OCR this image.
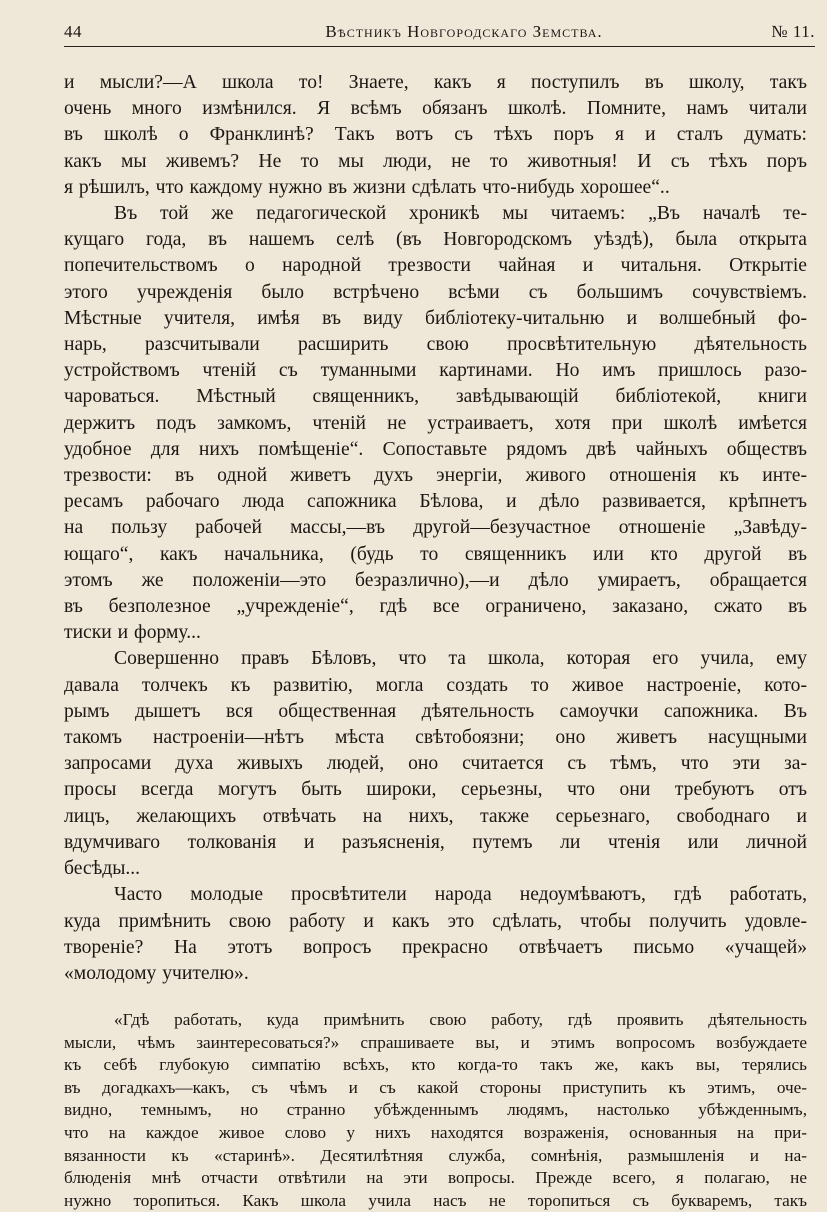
44	Вѣстникъ Новгородскаго Земства.	№ 11.

и мысли?—А школа то! Знаете, какъ я поступилъ въ школу, такъ

очень много измѣнился. Я всѣмъ обязанъ школѣ. Помните, намъ читали

въ школѣ о Франклинѣ? Такъ вотъ съ тѣхъ поръ я и сталъ думать:

какъ мы живемъ? Не то мы люди, не то животныя! И съ тѣхъ поръ

я рѣшилъ, что каждому нужно въ жизни сдѣлать что-нибудь хорошее“..

Въ той же педагогической хроникѣ мы читаемъ: „Въ началѣ те-

кущаго года, въ нашемъ селѣ (въ Новгородскомъ уѣздѣ), была открыта

попечительствомъ о народной трезвости чайная и читальня. Открытіе

этого учрежденія было встрѣчено всѣми съ большимъ сочувствіемъ.

Мѣстные учителя, имѣя въ виду библіотеку-читальню и волшебный фо-

нарь, разсчитывали расширить свою просвѣтительную дѣятельность

устройствомъ чтеній съ туманными картинами. Но имъ пришлось разо-

чароваться. Мѣстный священникъ, завѣдывающій библіотекой, книги

держитъ подъ замкомъ, чтеній не устраиваетъ, хотя при школѣ имѣется

удобное для нихъ помѣщеніе“. Сопоставьте рядомъ двѣ чайныхъ обществъ

трезвости: въ одной живетъ духъ энергіи, живого отношенія къ инте-

ресамъ рабочаго люда сапожника Бѣлова, и дѣло развивается, крѣпнетъ

на пользу рабочей массы,—въ другой—безучастное отношеніе „Завѣду-

ющаго“, какъ начальника, (будь то священникъ или кто другой въ

этомъ же положеніи—это безразлично),—и дѣло умираетъ, обращается

въ безполезное „учрежденіе“, гдѣ все ограничено, заказано, сжато въ

тиски и форму...

Совершенно правъ Бѣловъ, что та школа, которая его учила, ему

давала толчекъ къ развитію, могла создать то живое настроеніе, кото-

рымъ дышетъ вся общественная дѣятельность самоучки сапожника. Въ

такомъ настроеніи—нѣтъ мѣста свѣтобоязни; оно живетъ насущными

запросами духа живыхъ людей, оно считается съ тѣмъ, что эти за-

просы всегда могутъ быть широки, серьезны, что они требуютъ отъ

лицъ, желающихъ отвѣчать на нихъ, также серьезнаго, свободнаго и

вдумчиваго толкованія и разъясненія, путемъ ли чтенія или личной

бесѣды...

Часто молодые просвѣтители народа недоумѣваютъ, гдѣ работать,

куда примѣнить свою работу и какъ это сдѣлать, чтобы получить удовле-

твореніе? На этотъ вопросъ прекрасно отвѣчаетъ письмо «учащей»

«молодому учителю».

«Гдѣ работать, куда примѣнить свою работу, гдѣ проявить дѣятельность

мысли, чѣмъ заинтересоваться?» спрашиваете вы, и этимъ вопросомъ возбуждаете

къ себѣ глубокую симпатію всѣхъ, кто когда-то такъ же, какъ вы, терялись

въ догадкахъ—какъ, съ чѣмъ и съ какой стороны приступить къ этимъ, оче-

видно, темнымъ, но странно убѣжденнымъ людямъ, настолько убѣжденнымъ,

что на каждое живое слово у нихъ находятся возраженія, основанныя на при-

вязанности къ «старинѣ». Десятилѣтняя служба, сомнѣнія, размышленія и на-

блюденія мнѣ отчасти отвѣтили на эти вопросы. Прежде всего, я полагаю, не

нужно торопиться. Какъ школа учила насъ не торопиться съ букваремъ, такъ
